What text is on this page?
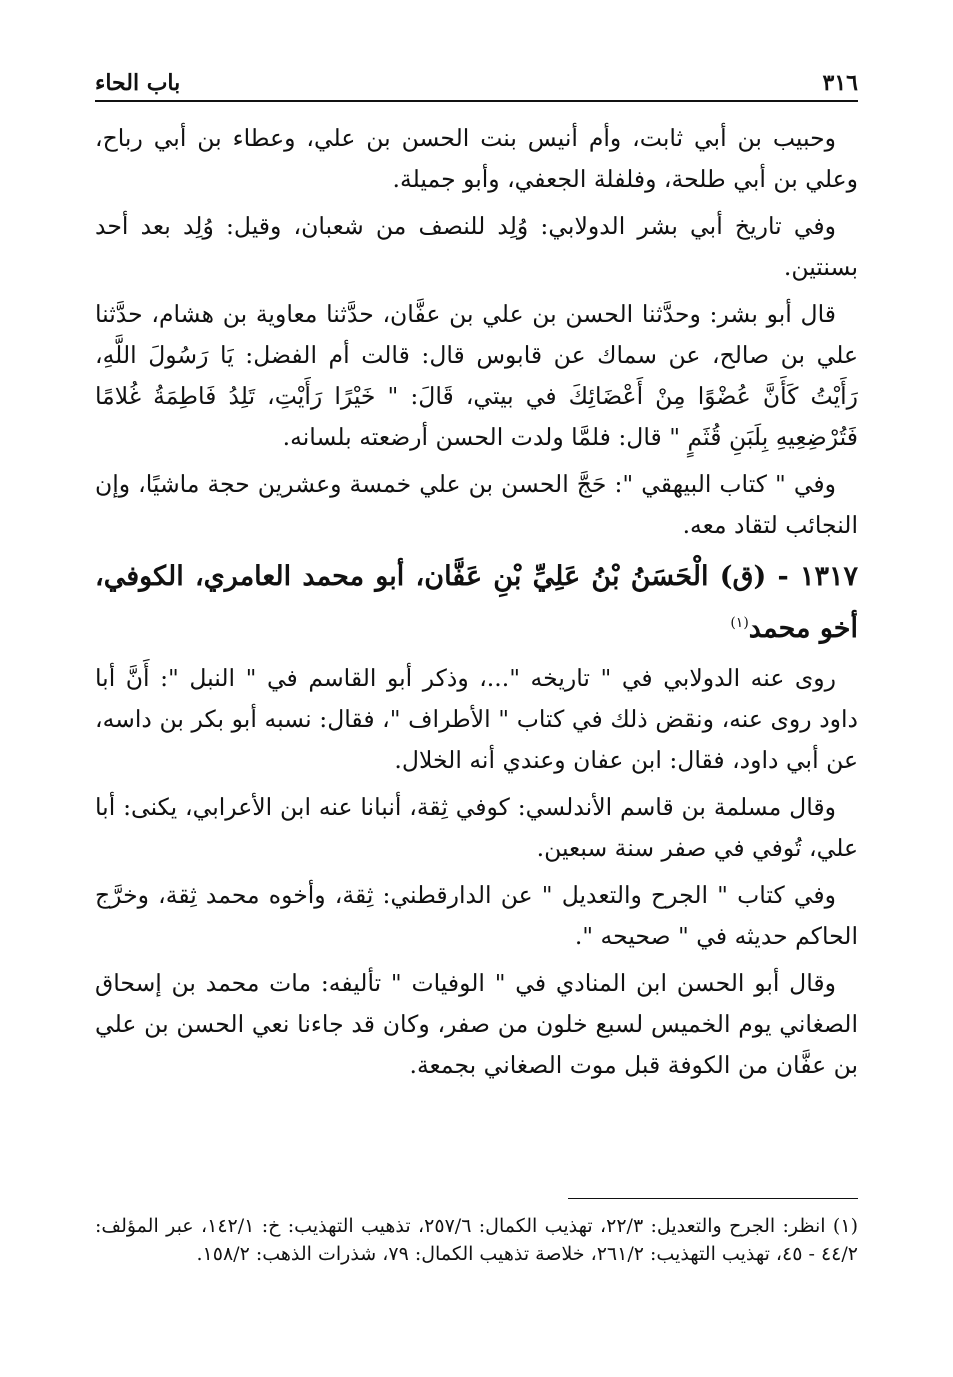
٣١٦
باب الحاء

وحبيب بن أبي ثابت، وأم أنيس بنت الحسن بن علي، وعطاء بن أبي رباح، وعلي بن أبي طلحة، وفلفلة الجعفي، وأبو جميلة.

وفي تاريخ أبي بشر الدولابي: وُلِد للنصف من شعبان، وقيل: وُلِد بعد أحد بسنتين.

قال أبو بشر: وحدَّثنا الحسن بن علي بن عفَّان، حدَّثنا معاوية بن هشام، حدَّثنا علي بن صالح، عن سماك عن قابوس قال: قالت أم الفضل: يَا رَسُولَ اللَّهِ، رَأَيْتُ كَأَنَّ عُضْوًا مِنْ أَعْضَائِكَ في بيتي، قَالَ: " خَيْرًا رَأَيْتِ، تَلِدُ فَاطِمَةُ غُلامًا فَتُرْضِعِيهِ بِلَبَنِ قُثَمٍ " قال: فلمَّا ولدت الحسن أرضعته بلسانه.

وفي " كتاب البيهقي ": حَجَّ الحسن بن علي خمسة وعشرين حجة ماشيًا، وإن النجائب لتقاد معه.

١٣١٧ - (ق) الْحَسَنُ بْنُ عَلِيِّ بْنِ عَفَّان، أبو محمد العامري، الكوفي، أخو محمد$^{(١)}$

روى عنه الدولابي في " تاريخه "...، وذكر أبو القاسم في " النبل ": أَنَّ أبا داود روى عنه، ونقض ذلك في كتاب " الأطراف "، فقال: نسبه أبو بكر بن داسه، عن أبي داود، فقال: ابن عفان وعندي أنه الخلال.

وقال مسلمة بن قاسم الأندلسي: كوفي ثِقة، أنبانا عنه ابن الأعرابي، يكنى: أبا علي، تُوفي في صفر سنة سبعين.

وفي كتاب " الجرح والتعديل " عن الدارقطني: ثِقة، وأخوه محمد ثِقة، وخرَّج الحاكم حديثه في " صحيحه ".

وقال أبو الحسن ابن المنادي في " الوفيات " تأليفه: مات محمد بن إسحاق الصغاني يوم الخميس لسبع خلون من صفر، وكان قد جاءنا نعي الحسن بن علي بن عفَّان من الكوفة قبل موت الصغاني بجمعة.

(١) انظر: الجرح والتعديل: ٢٢/٣، تهذيب الكمال: ٢٥٧/٦، تذهيب التهذيب: خ: ١٤٢/١، عبر المؤلف: ٤٤/٢ - ٤٥، تهذيب التهذيب: ٢٦١/٢، خلاصة تذهيب الكمال: ٧٩، شذرات الذهب: ١٥٨/٢.
